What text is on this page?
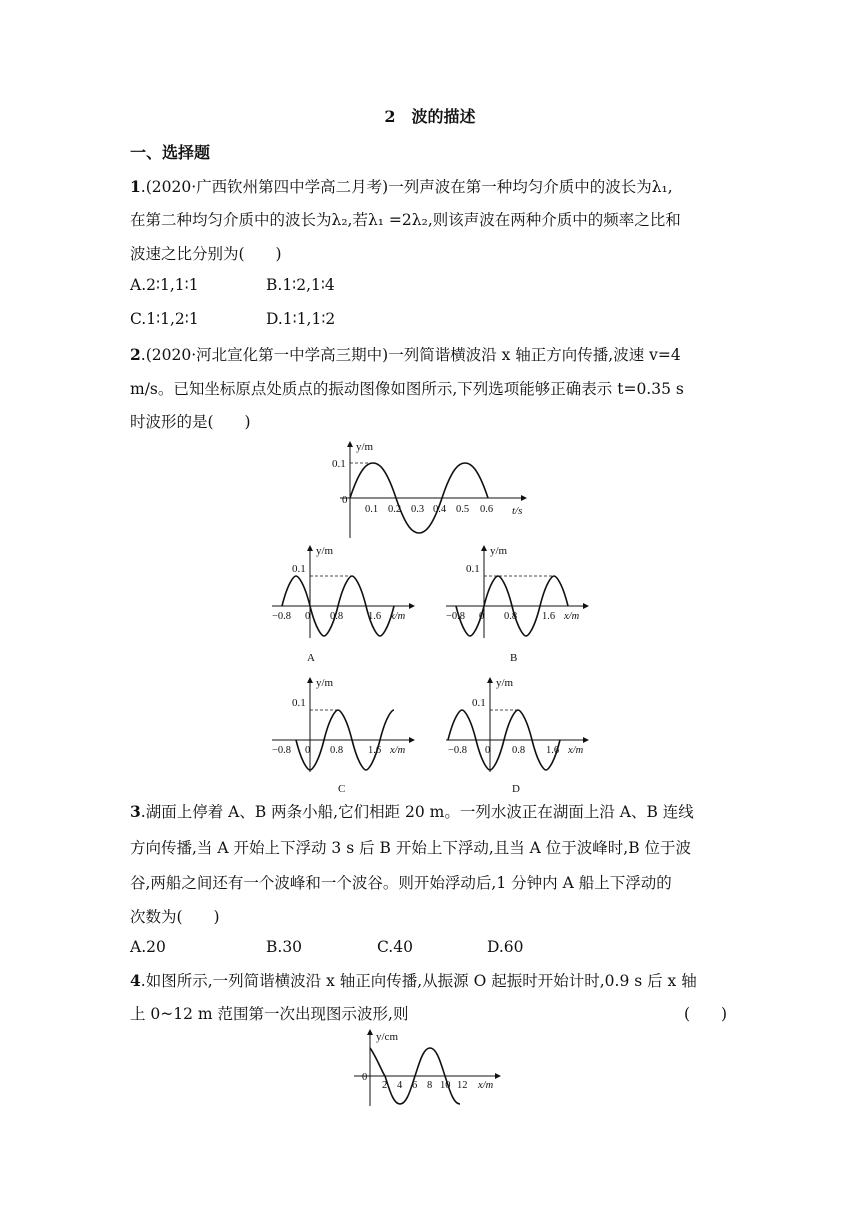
2　波的描述
一、选择题
1.(2020·广西钦州第四中学高二月考)一列声波在第一种均匀介质中的波长为λ₁,
在第二种均匀介质中的波长为λ₂,若λ₁ =2λ₂,则该声波在两种介质中的频率之比和
波速之比分别为(　　)
A.2∶1,1∶1	B.1∶2,1∶4
C.1∶1,2∶1	D.1∶1,1∶2
2.(2020·河北宣化第一中学高三期中)一列简谐横波沿 x 轴正方向传播,波速 v=4
m/s。已知坐标原点处质点的振动图像如图所示,下列选项能够正确表示 t=0.35 s
时波形的是(　　)
y/m
t/s
0
0.1
0.1 0.2 0.3 0.4 0.5 0.6
y/m
0.1
−0.8 0 0.8 1.6 x/m
A
y/m
0.1
−0.8 0 0.8 1.6 x/m
B
y/m
0.1
−0.8 0 0.8 1.6 x/m
C
y/m
0.1
−0.8 0 0.8 1.6 x/m
D
3.湖面上停着 A、B 两条小船,它们相距 20 m。一列水波正在湖面上沿 A、B 连线
方向传播,当 A 开始上下浮动 3 s 后 B 开始上下浮动,且当 A 位于波峰时,B 位于波
谷,两船之间还有一个波峰和一个波谷。则开始浮动后,1 分钟内 A 船上下浮动的
次数为(　　)
A.20	B.30	C.40	D.60
4.如图所示,一列简谐横波沿 x 轴正向传播,从振源 O 起振时开始计时,0.9 s 后 x 轴
上 0~12 m 范围第一次出现图示波形,则	(　　)
y/cm
0
2 4 6 8 10 12 x/m
